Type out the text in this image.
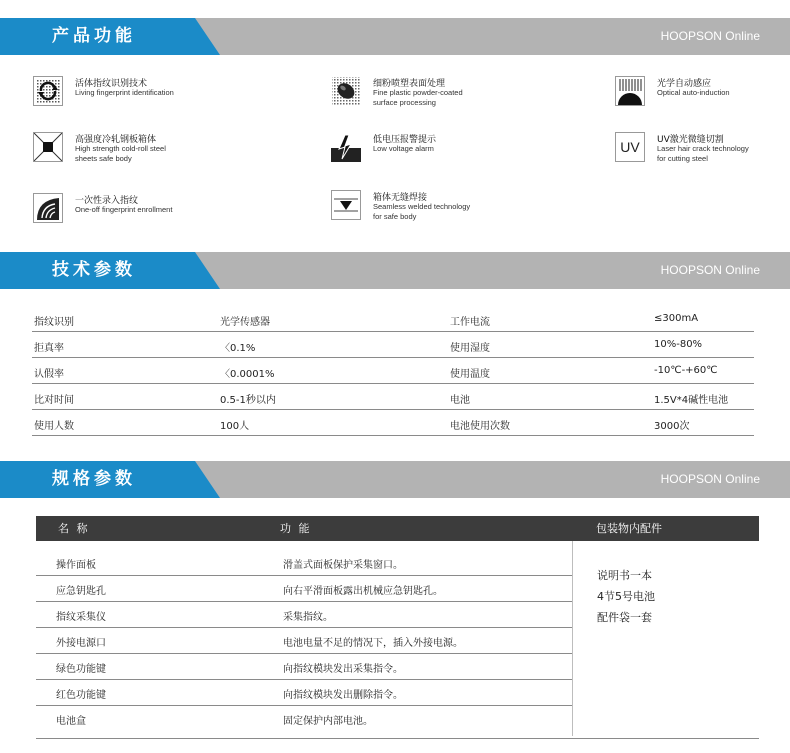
产品功能	HOOPSON Online
活体指纹识别技术
Living fingerprint identification
细粉喷塑表面处理
Fine plastic powder-coated
surface processing
光学自动感应
Optical auto-induction
高强度冷轧钢板箱体
High strength cold-roll steel
sheets safe body
低电压报警提示
Low voltage alarm	UV	UV激光微缝切割
Laser hair crack technology
for cutting steel
一次性录入指纹
One-off fingerprint enrollment
箱体无缝焊接
Seamless welded technology
for safe body
技术参数	HOOPSON Online
指纹识别	光学传感器	工作电流	≤300mA
拒真率	〈0.1%	使用湿度	10%-80%
认假率	〈0.0001%	使用温度	-10℃-+60℃
比对时间	0.5-1秒以内	电池	1.5V*4碱性电池
使用人数	100人	电池使用次数	3000次
规格参数	HOOPSON Online
名 称	功 能	包装物内配件
操作面板	滑盖式面板保护采集窗口。
应急钥匙孔	向右平滑面板露出机械应急钥匙孔。
指纹采集仪	采集指纹。
外接电源口	电池电量不足的情况下，插入外接电源。
绿色功能键	向指纹模块发出采集指令。
红色功能键	向指纹模块发出删除指令。
电池盒	固定保护内部电池。
说明书一本
4节5号电池
配件袋一套
